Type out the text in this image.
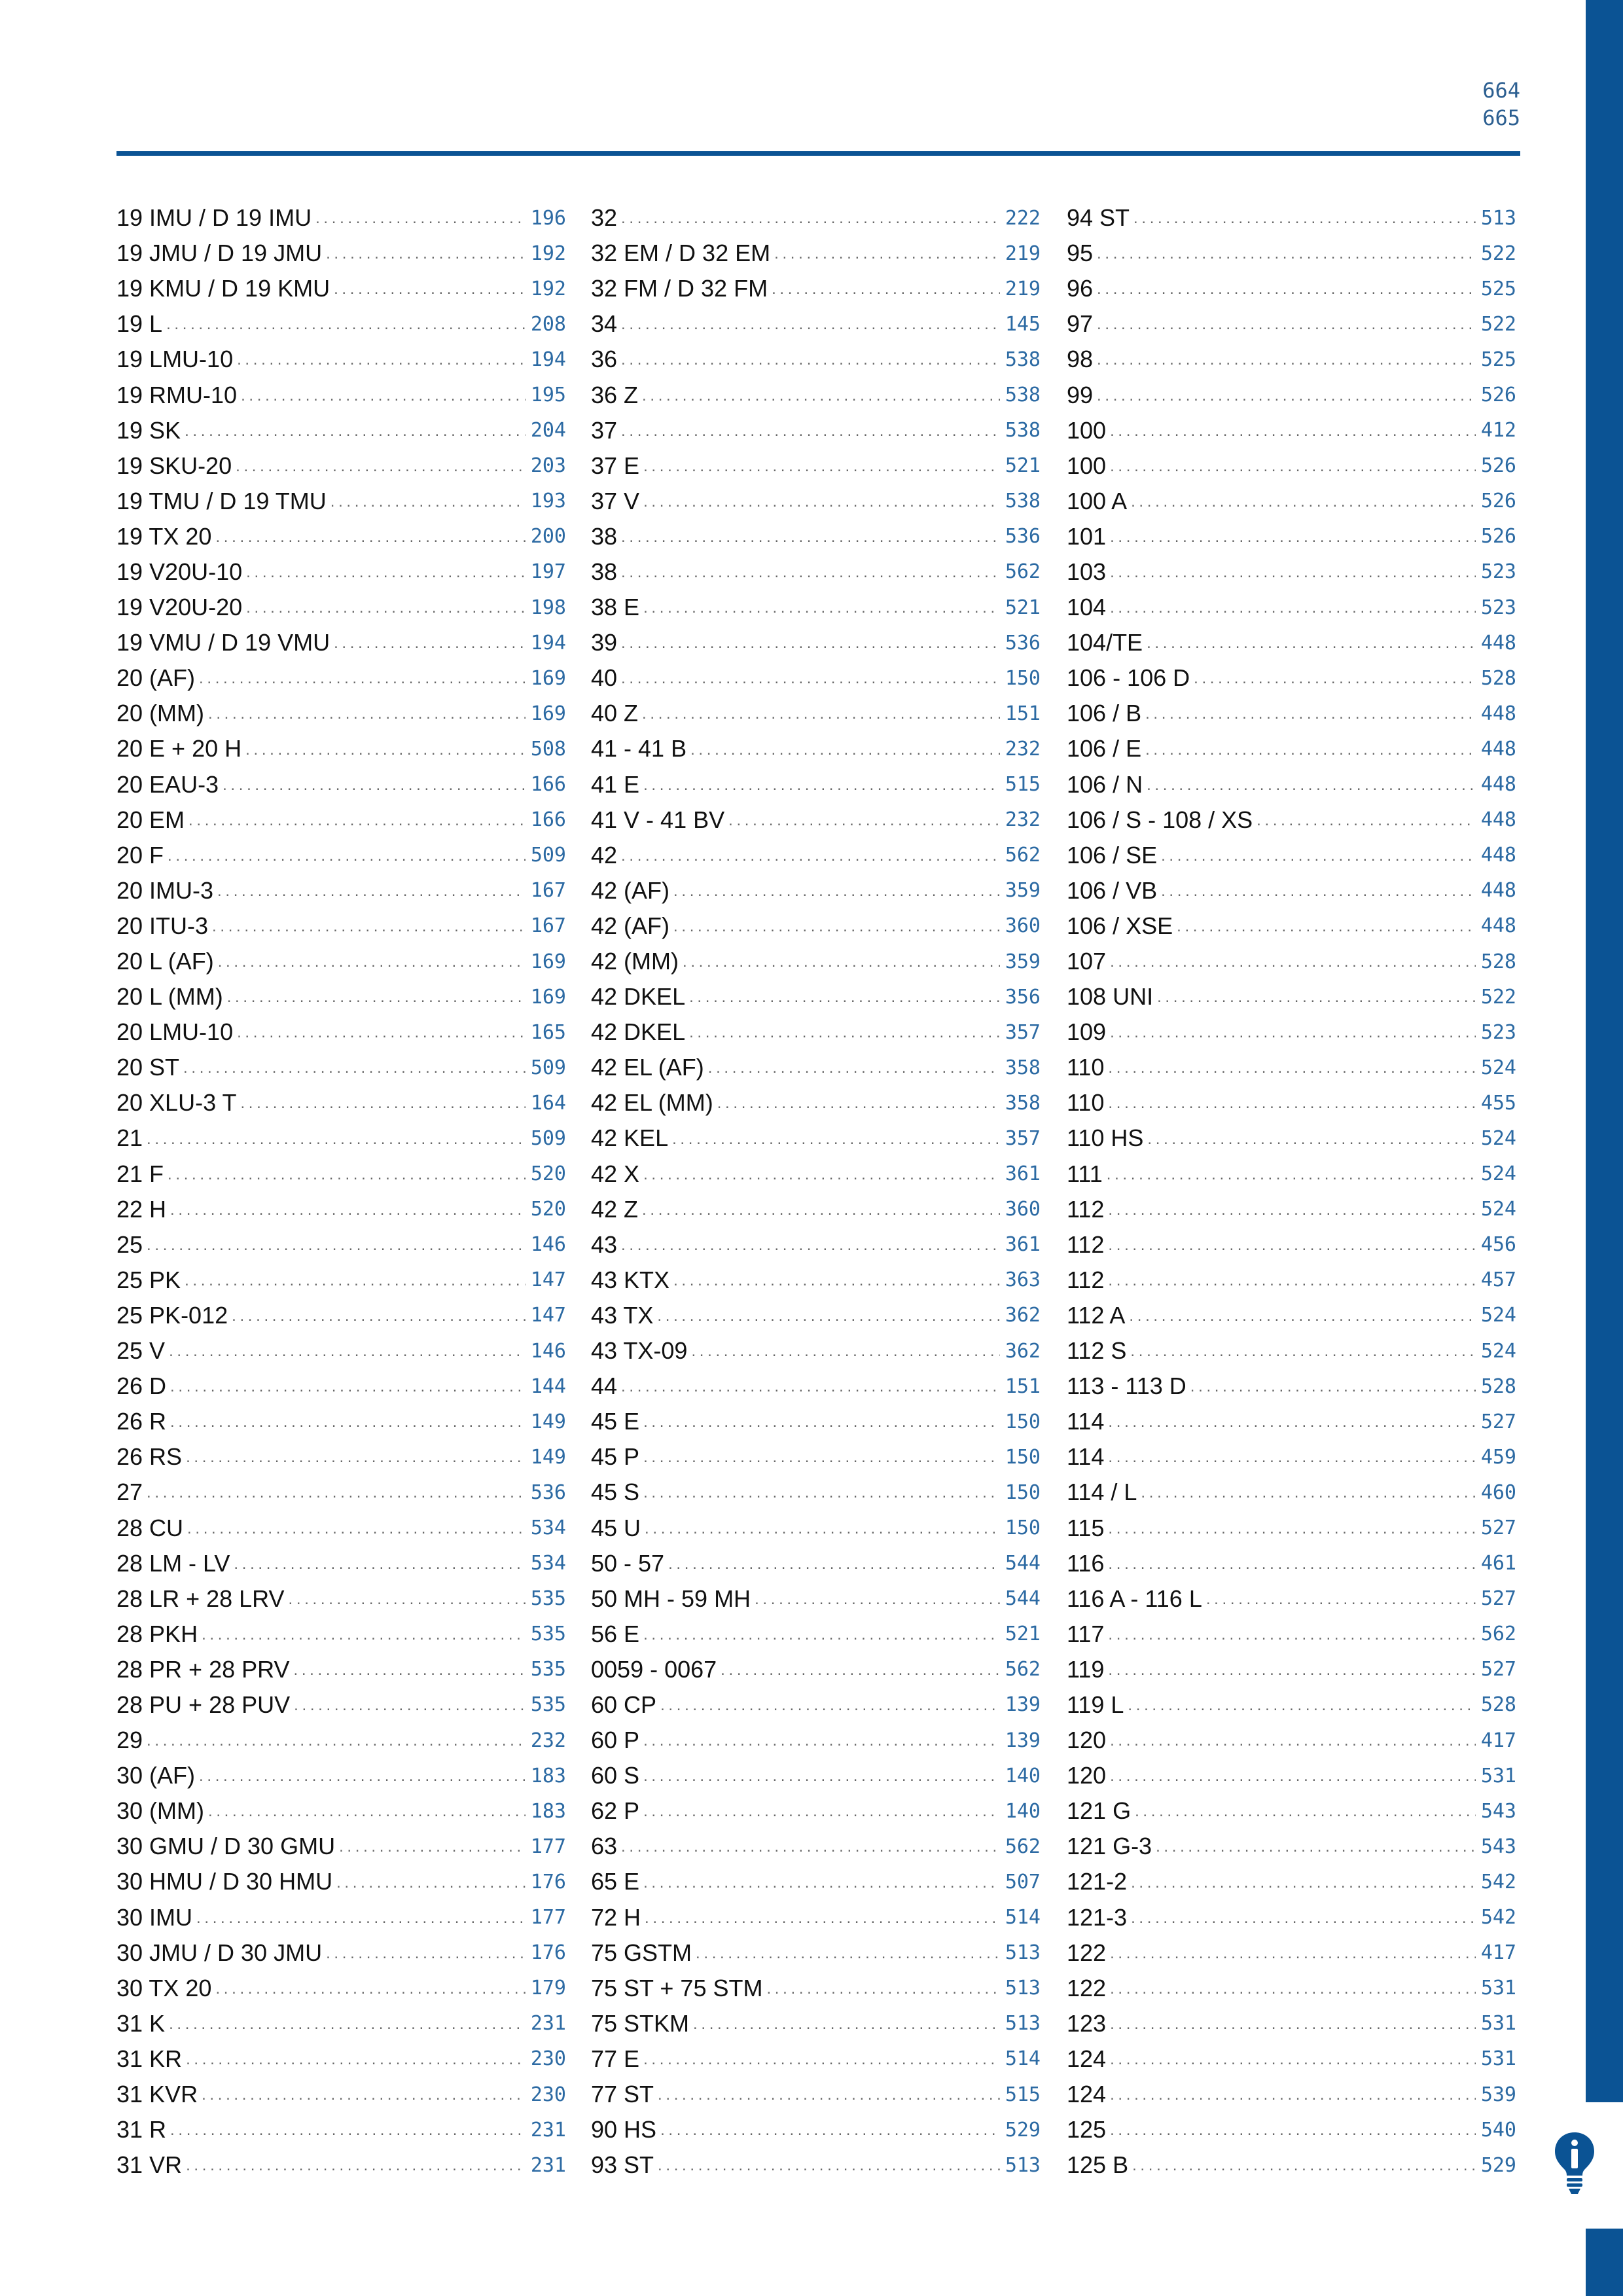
664
665
19 IMU / D 19 IMU . . .	196
19 JMU / D 19 JMU . . .	192
19 KMU / D 19 KMU . . .	192
19 L . . .	208
19 LMU-10 . . .	194
19 RMU-10 . . .	195
19 SK . . .	204
19 SKU-20 . . .	203
19 TMU / D 19 TMU . . .	193
19 TX 20 . . .	200
19 V20U-10 . . .	197
19 V20U-20 . . .	198
19 VMU / D 19 VMU . . .	194
20 (AF) . . .	169
20 (MM) . . .	169
20 E + 20 H . . .	508
20 EAU-3 . . .	166
20 EM . . .	166
20 F . . .	509
20 IMU-3 . . .	167
20 ITU-3 . . .	167
20 L (AF) . . .	169
20 L (MM) . . .	169
20 LMU-10 . . .	165
20 ST . . .	509
20 XLU-3 T . . .	164
21 . . .	509
21 F . . .	520
22 H . . .	520
25 . . .	146
25 PK . . .	147
25 PK-012 . . .	147
25 V . . .	146
26 D . . .	144
26 R . . .	149
26 RS . . .	149
27 . . .	536
28 CU . . .	534
28 LM - LV . . .	534
28 LR + 28 LRV . . .	535
28 PKH . . .	535
28 PR + 28 PRV . . .	535
28 PU + 28 PUV . . .	535
29 . . .	232
30 (AF) . . .	183
30 (MM) . . .	183
30 GMU / D 30 GMU . . .	177
30 HMU / D 30 HMU . . .	176
30 IMU . . .	177
30 JMU / D 30 JMU . . .	176
30 TX 20 . . .	179
31 K . . .	231
31 KR . . .	230
31 KVR . . .	230
31 R . . .	231
31 VR . . .	231
32 . . .	222
32 EM / D 32 EM . . .	219
32 FM / D 32 FM . . .	219
34 . . .	145
36 . . .	538
36 Z . . .	538
37 . . .	538
37 E . . .	521
37 V . . .	538
38 . . .	536
38 . . .	562
38 E . . .	521
39 . . .	536
40 . . .	150
40 Z . . .	151
41 - 41 B . . .	232
41 E . . .	515
41 V - 41 BV . . .	232
42 . . .	562
42 (AF) . . .	359
42 (AF) . . .	360
42 (MM) . . .	359
42 DKEL . . .	356
42 DKEL . . .	357
42 EL (AF) . . .	358
42 EL (MM) . . .	358
42 KEL . . .	357
42 X . . .	361
42 Z . . .	360
43 . . .	361
43 KTX . . .	363
43 TX . . .	362
43 TX-09 . . .	362
44 . . .	151
45 E . . .	150
45 P . . .	150
45 S . . .	150
45 U . . .	150
50 - 57 . . .	544
50 MH - 59 MH . . .	544
56 E . . .	521
0059 - 0067 . . .	562
60 CP . . .	139
60 P . . .	139
60 S . . .	140
62 P . . .	140
63 . . .	562
65 E . . .	507
72 H . . .	514
75 GSTM . . .	513
75 ST + 75 STM . . .	513
75 STKM . . .	513
77 E . . .	514
77 ST . . .	515
90 HS . . .	529
93 ST . . .	513
94 ST . . .	513
95 . . .	522
96 . . .	525
97 . . .	522
98 . . .	525
99 . . .	526
100 . . .	412
100 . . .	526
100 A . . .	526
101 . . .	526
103 . . .	523
104 . . .	523
104/TE . . .	448
106 - 106 D . . .	528
106 / B . . .	448
106 / E . . .	448
106 / N . . .	448
106 / S - 108 / XS . . .	448
106 / SE . . .	448
106 / VB . . .	448
106 / XSE . . .	448
107 . . .	528
108 UNI . . .	522
109 . . .	523
110 . . .	524
110 . . .	455
110 HS . . .	524
111 . . .	524
112 . . .	524
112 . . .	456
112 . . .	457
112 A . . .	524
112 S . . .	524
113 - 113 D . . .	528
114 . . .	527
114 . . .	459
114 / L . . .	460
115 . . .	527
116 . . .	461
116 A - 116 L . . .	527
117 . . .	562
119 . . .	527
119 L . . .	528
120 . . .	417
120 . . .	531
121 G . . .	543
121 G-3 . . .	543
121-2 . . .	542
121-3 . . .	542
122 . . .	417
122 . . .	531
123 . . .	531
124 . . .	531
124 . . .	539
125 . . .	540
125 B . . .	529
